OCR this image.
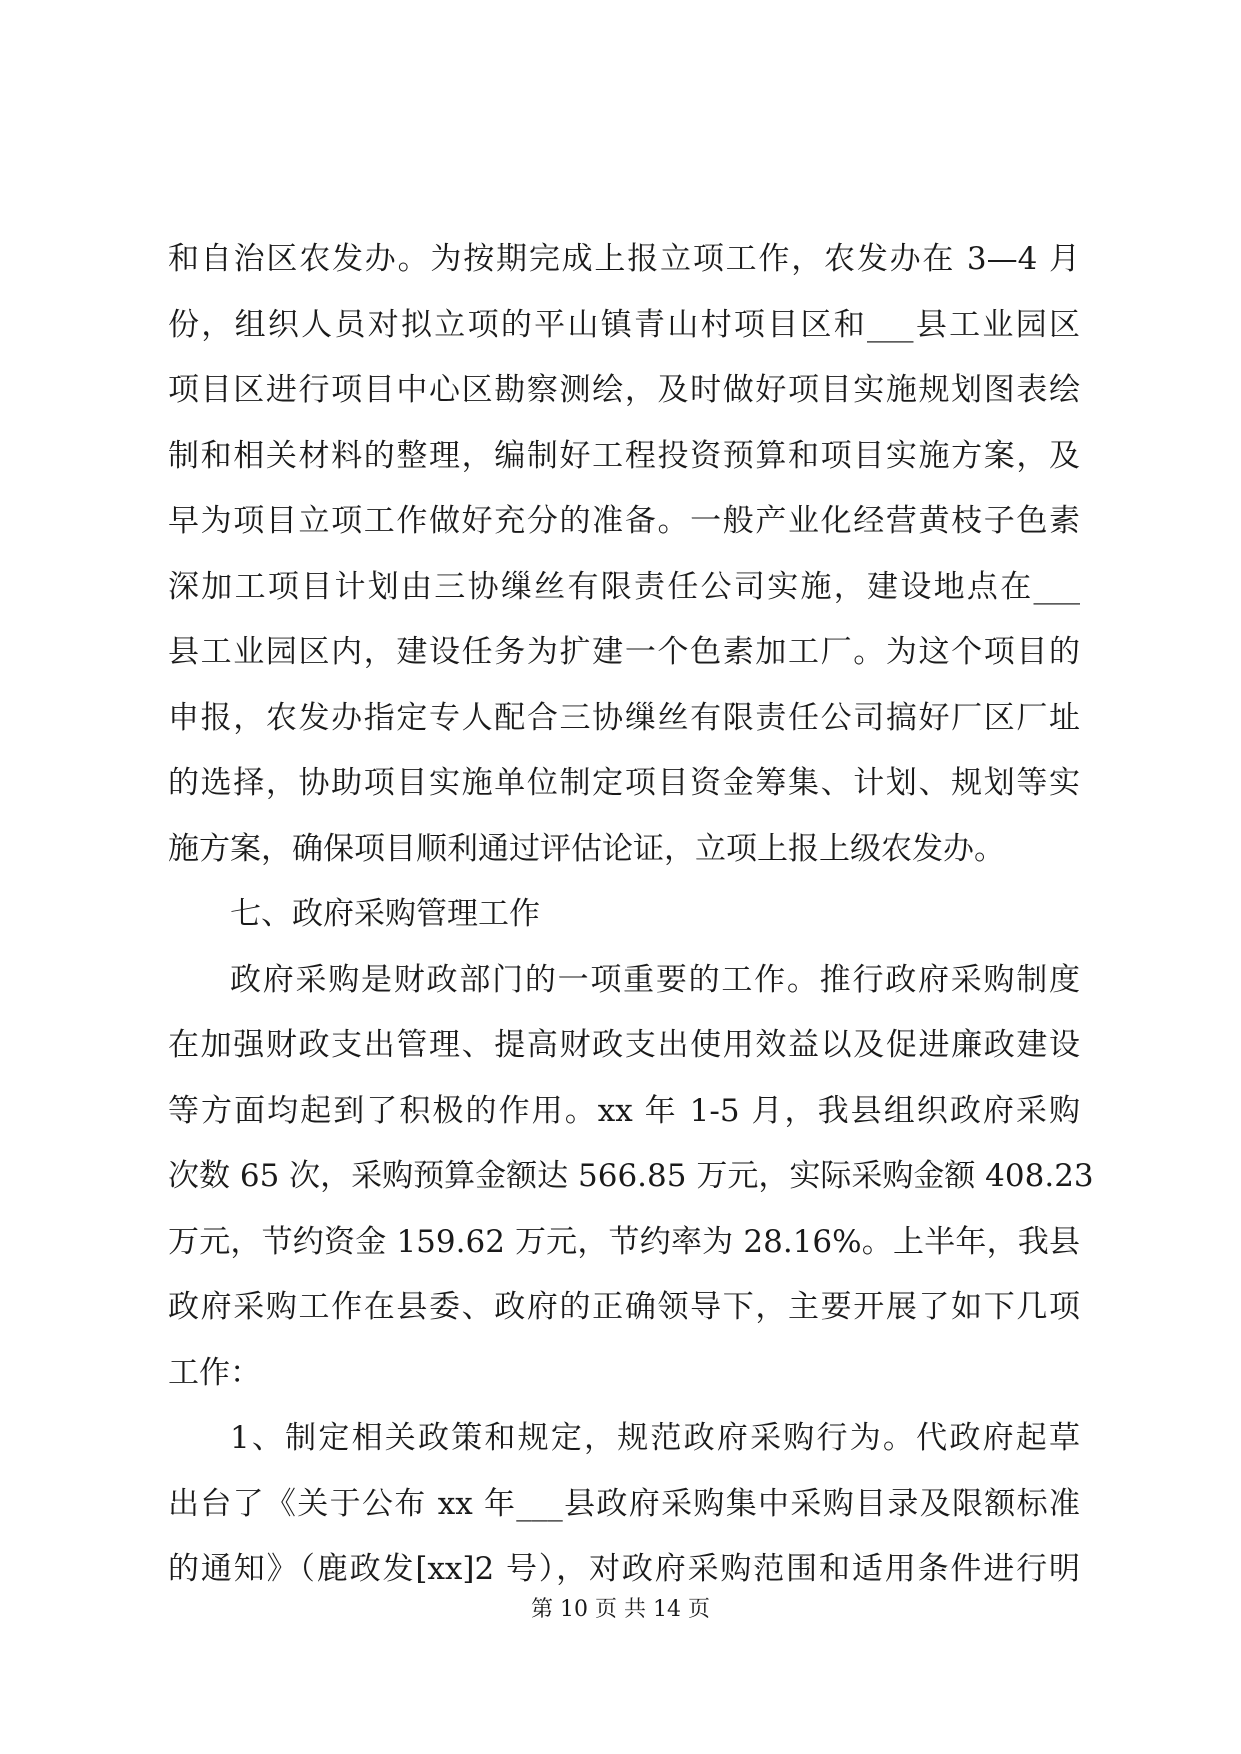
和自治区农发办。为按期完成上报立项工作，农发办在 3—4 月
份，组织人员对拟立项的平山镇青山村项目区和___县工业园区
项目区进行项目中心区勘察测绘，及时做好项目实施规划图表绘
制和相关材料的整理，编制好工程投资预算和项目实施方案，及
早为项目立项工作做好充分的准备。一般产业化经营黄枝子色素
深加工项目计划由三协缫丝有限责任公司实施，建设地点在___
县工业园区内，建设任务为扩建一个色素加工厂。为这个项目的
申报，农发办指定专人配合三协缫丝有限责任公司搞好厂区厂址
的选择，协助项目实施单位制定项目资金筹集、计划、规划等实
施方案，确保项目顺利通过评估论证，立项上报上级农发办。
七、政府采购管理工作
政府采购是财政部门的一项重要的工作。推行政府采购制度
在加强财政支出管理、提高财政支出使用效益以及促进廉政建设
等方面均起到了积极的作用。xx 年 1-5 月，我县组织政府采购
次数 65 次，采购预算金额达 566.85 万元，实际采购金额 408.23
万元，节约资金 159.62 万元，节约率为 28.16%。上半年，我县
政府采购工作在县委、政府的正确领导下，主要开展了如下几项
工作：
1、制定相关政策和规定，规范政府采购行为。代政府起草
出台了《关于公布 xx 年___县政府采购集中采购目录及限额标准
的通知》（鹿政发[xx]2 号），对政府采购范围和适用条件进行明
第 10 页 共 14 页
